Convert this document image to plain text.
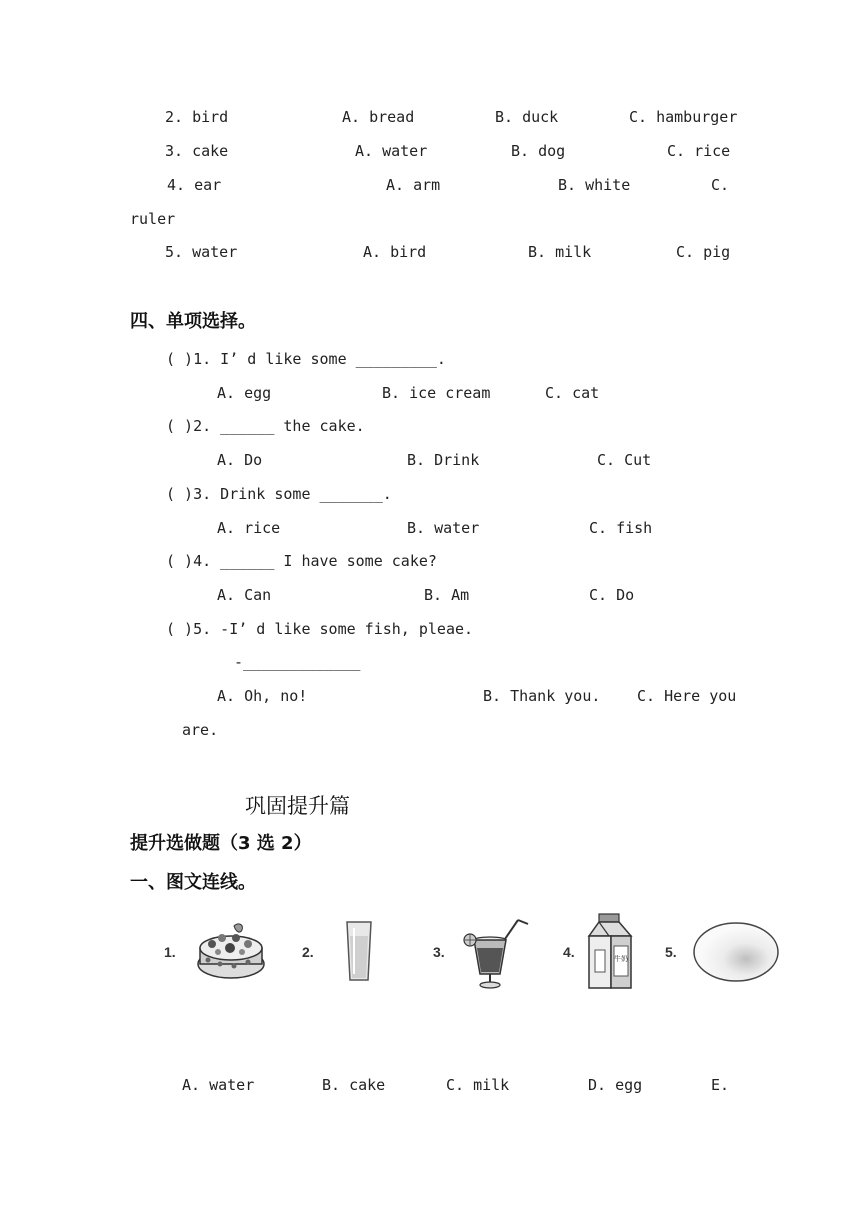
2. bird	A. bread	B. duck	C. hamburger
3. cake	A. water	B. dog	C. rice
4. ear	A. arm	B. white	C.
ruler
5. water	A. bird	B. milk	C. pig
四、单项选择。
( )1. I’ d like some _________.
A. egg	B. ice cream	C. cat
( )2. ______ the cake.
A. Do	B. Drink	C. Cut
( )3. Drink some _______.
A. rice	B. water	C. fish
( )4. ______ I have some cake?
A. Can	B. Am	C. Do
( )5. -I’ d like some fish, pleae.
-_____________
A. Oh, no!	B. Thank you. C. Here you
are.
巩固提升篇
提升选做题（3 选 2）
一、图文连线。
1.	2.	3.	4.	牛奶	5.
A. water	B. cake	C. milk	D. egg	E.
